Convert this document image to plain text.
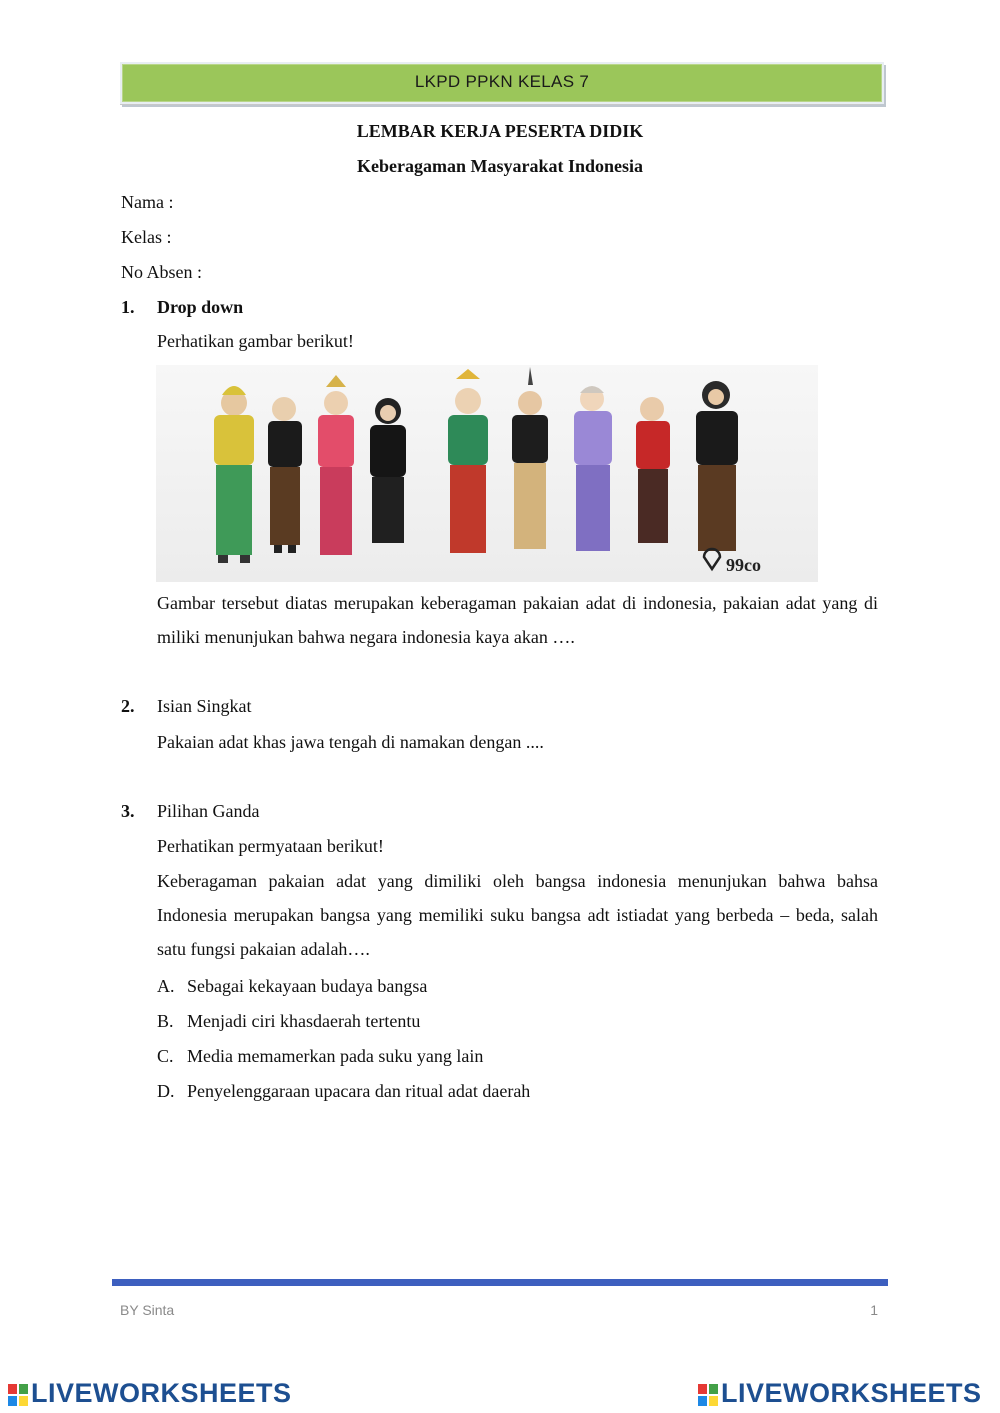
LKPD PPKN KELAS 7
LEMBAR KERJA PESERTA DIDIK
Keberagaman Masyarakat Indonesia
Nama :
Kelas :
No Absen :
1. Drop down
Perhatikan gambar berikut!
99co
Gambar tersebut diatas merupakan keberagaman pakaian adat di indonesia, pakaian adat yang di miliki menunjukan bahwa negara indonesia kaya akan ….
2. Isian Singkat
Pakaian adat khas jawa tengah di namakan dengan ....
3. Pilihan Ganda
Perhatikan permyataan berikut!
Keberagaman pakaian adat yang dimiliki oleh bangsa indonesia menunjukan bahwa bahsa Indonesia merupakan bangsa yang memiliki suku bangsa adt istiadat yang berbeda – beda, salah satu fungsi pakaian adalah….
A. Sebagai kekayaan budaya bangsa
B. Menjadi ciri khasdaerah tertentu
C. Media memamerkan pada suku yang lain
D. Penyelenggaraan upacara dan ritual adat daerah
BY Sinta	1
LIVEWORKSHEETS	LIVEWORKSHEETS
